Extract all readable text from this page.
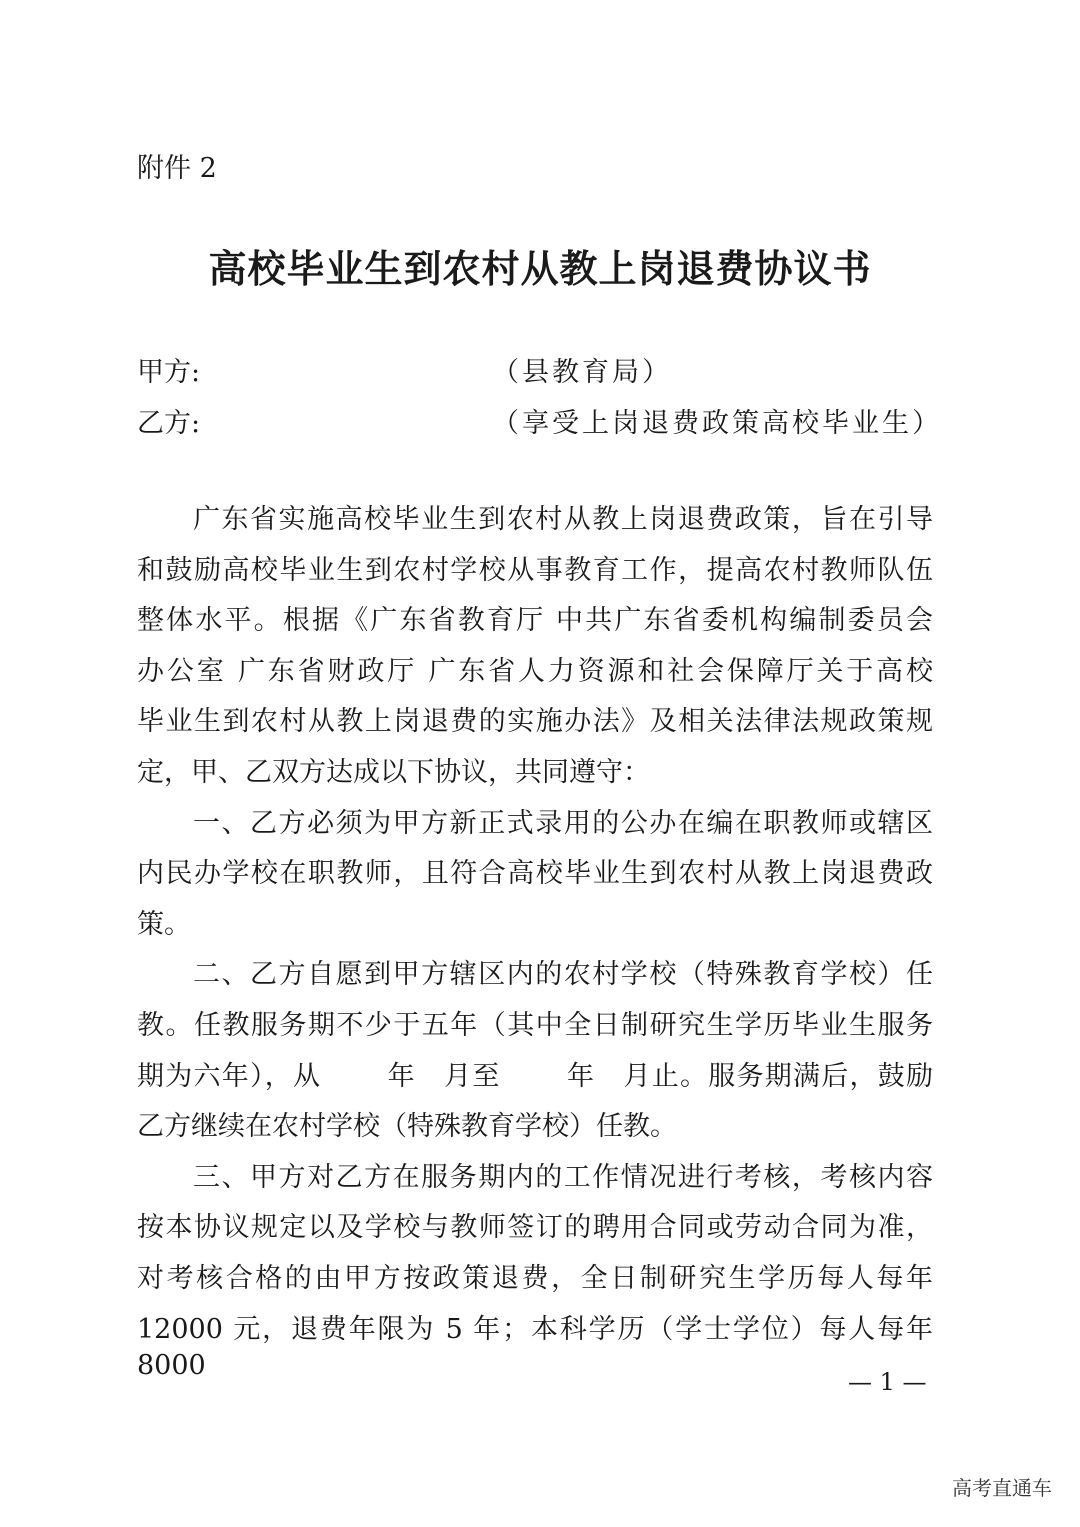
附件 2
高校毕业生到农村从教上岗退费协议书
甲方:	（县教育局）
乙方:	（享受上岗退费政策高校毕业生）
广东省实施高校毕业生到农村从教上岗退费政策，旨在引导
和鼓励高校毕业生到农村学校从事教育工作，提高农村教师队伍
整体水平。根据《广东省教育厅 中共广东省委机构编制委员会
办公室 广东省财政厅 广东省人力资源和社会保障厅关于高校
毕业生到农村从教上岗退费的实施办法》及相关法律法规政策规
定，甲、乙双方达成以下协议，共同遵守：
一、乙方必须为甲方新正式录用的公办在编在职教师或辖区
内民办学校在职教师，且符合高校毕业生到农村从教上岗退费政
策。
二、乙方自愿到甲方辖区内的农村学校（特殊教育学校）任
教。任教服务期不少于五年（其中全日制研究生学历毕业生服务
期为六年），从　　 年　月至　　 年　月止。服务期满后，鼓励
乙方继续在农村学校（特殊教育学校）任教。
三、甲方对乙方在服务期内的工作情况进行考核，考核内容
按本协议规定以及学校与教师签订的聘用合同或劳动合同为准，
对考核合格的由甲方按政策退费，全日制研究生学历每人每年
12000 元，退费年限为 5 年；本科学历（学士学位）每人每年 8000
— 1 —
高考直通车
